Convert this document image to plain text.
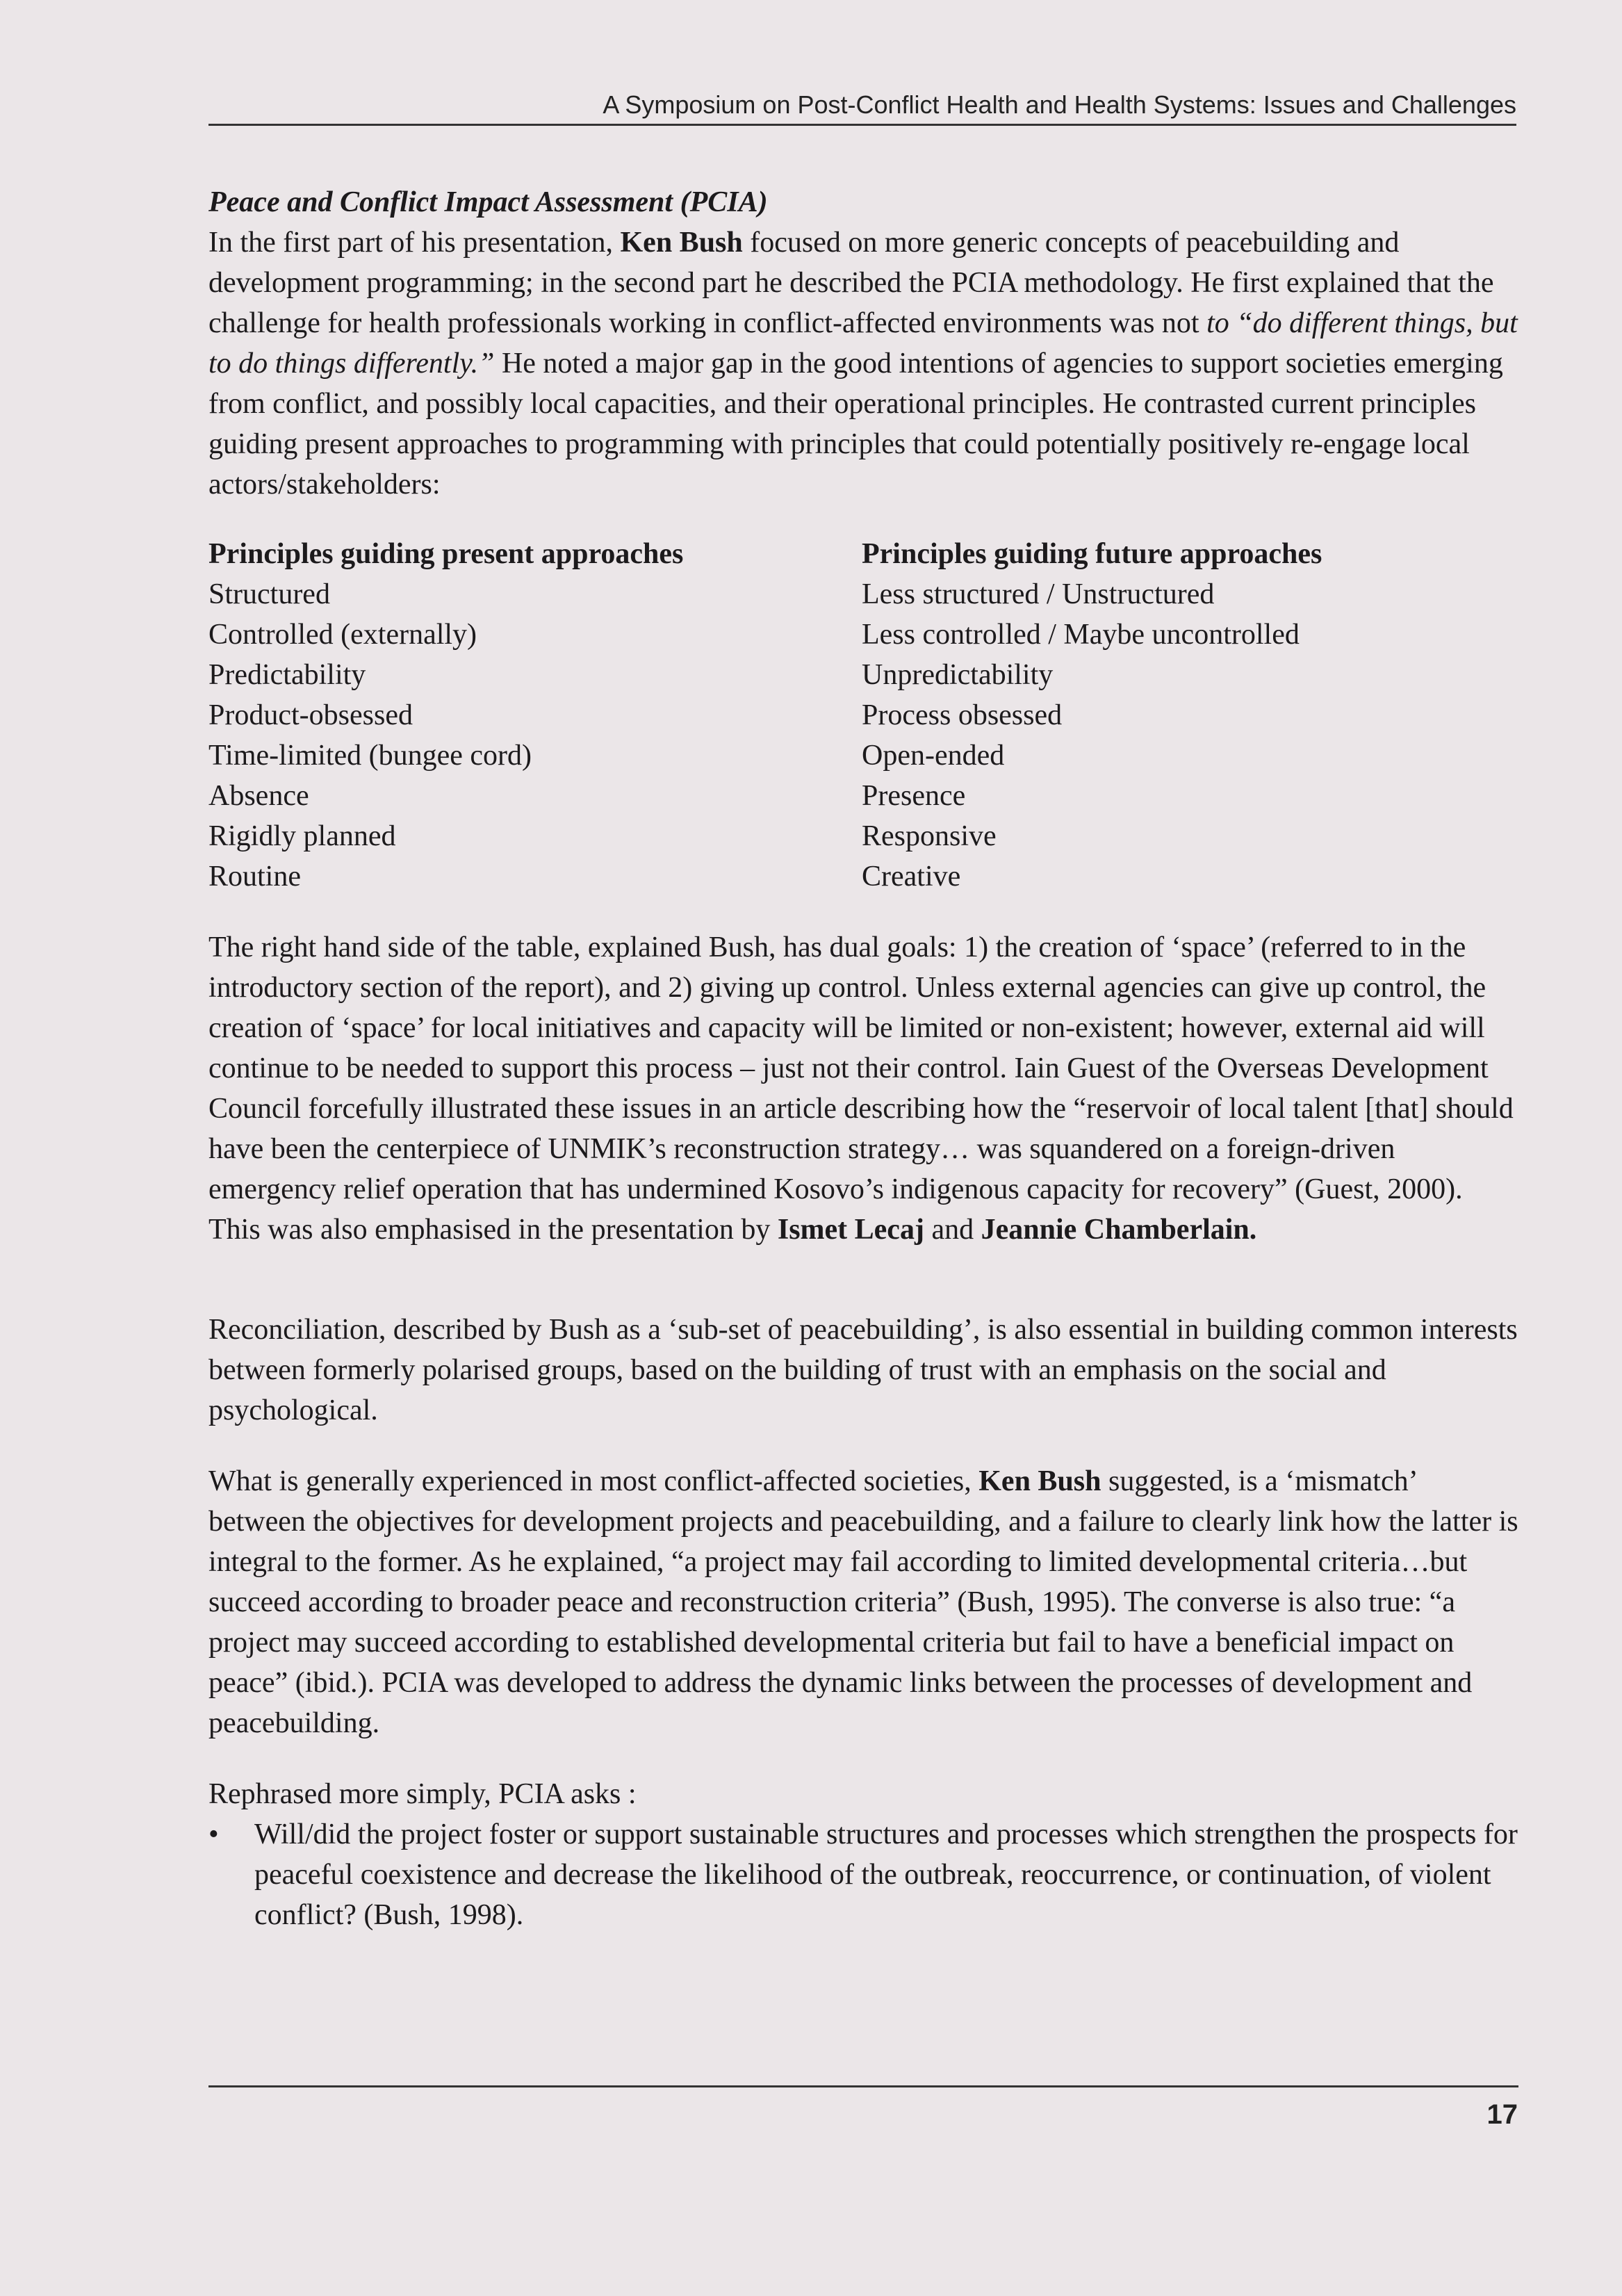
A Symposium on Post-Conflict Health and Health Systems: Issues and Challenges

Peace and Conflict Impact Assessment (PCIA)

In the first part of his presentation, Ken Bush focused on more generic concepts of peacebuilding and development programming; in the second part he described the PCIA methodology. He first explained that the challenge for health professionals working in conflict-affected environments was not to “do different things, but to do things differently.” He noted a major gap in the good intentions of agencies to support societies emerging from conflict, and possibly local capacities, and their operational principles. He contrasted current principles guiding present approaches to programming with principles that could potentially positively re-engage local actors/stakeholders:

Principles guiding present approaches
Structured
Controlled (externally)
Predictability
Product-obsessed
Time-limited (bungee cord)
Absence
Rigidly planned
Routine
Principles guiding future approaches
Less structured / Unstructured
Less controlled / Maybe uncontrolled
Unpredictability
Process obsessed
Open-ended
Presence
Responsive
Creative

The right hand side of the table, explained Bush, has dual goals: 1) the creation of ‘space’ (referred to in the introductory section of the report), and 2) giving up control. Unless external agencies can give up control, the creation of ‘space’ for local initiatives and capacity will be limited or non-existent; however, external aid will continue to be needed to support this process – just not their control. Iain Guest of the Overseas Development Council forcefully illustrated these issues in an article describing how the “reservoir of local talent [that] should have been the centerpiece of UNMIK’s reconstruction strategy… was squandered on a foreign-driven emergency relief operation that has undermined Kosovo’s indigenous capacity for recovery” (Guest, 2000). This was also emphasised in the presentation by Ismet Lecaj and Jeannie Chamberlain.

Reconciliation, described by Bush as a ‘sub-set of peacebuilding’, is also essential in building common interests between formerly polarised groups, based on the building of trust with an emphasis on the social and psychological.

What is generally experienced in most conflict-affected societies, Ken Bush suggested, is a ‘mismatch’ between the objectives for development projects and peacebuilding, and a failure to clearly link how the latter is integral to the former. As he explained, “a project may fail according to limited developmental criteria…but succeed according to broader peace and reconstruction criteria” (Bush, 1995). The converse is also true: “a project may succeed according to established developmental criteria but fail to have a beneficial impact on peace” (ibid.). PCIA was developed to address the dynamic links between the processes of development and peacebuilding.

Rephrased more simply, PCIA asks :

• Will/did the project foster or support sustainable structures and processes which strengthen the prospects for peaceful coexistence and decrease the likelihood of the outbreak, reoccurrence, or continuation, of violent conflict? (Bush, 1998).
17
